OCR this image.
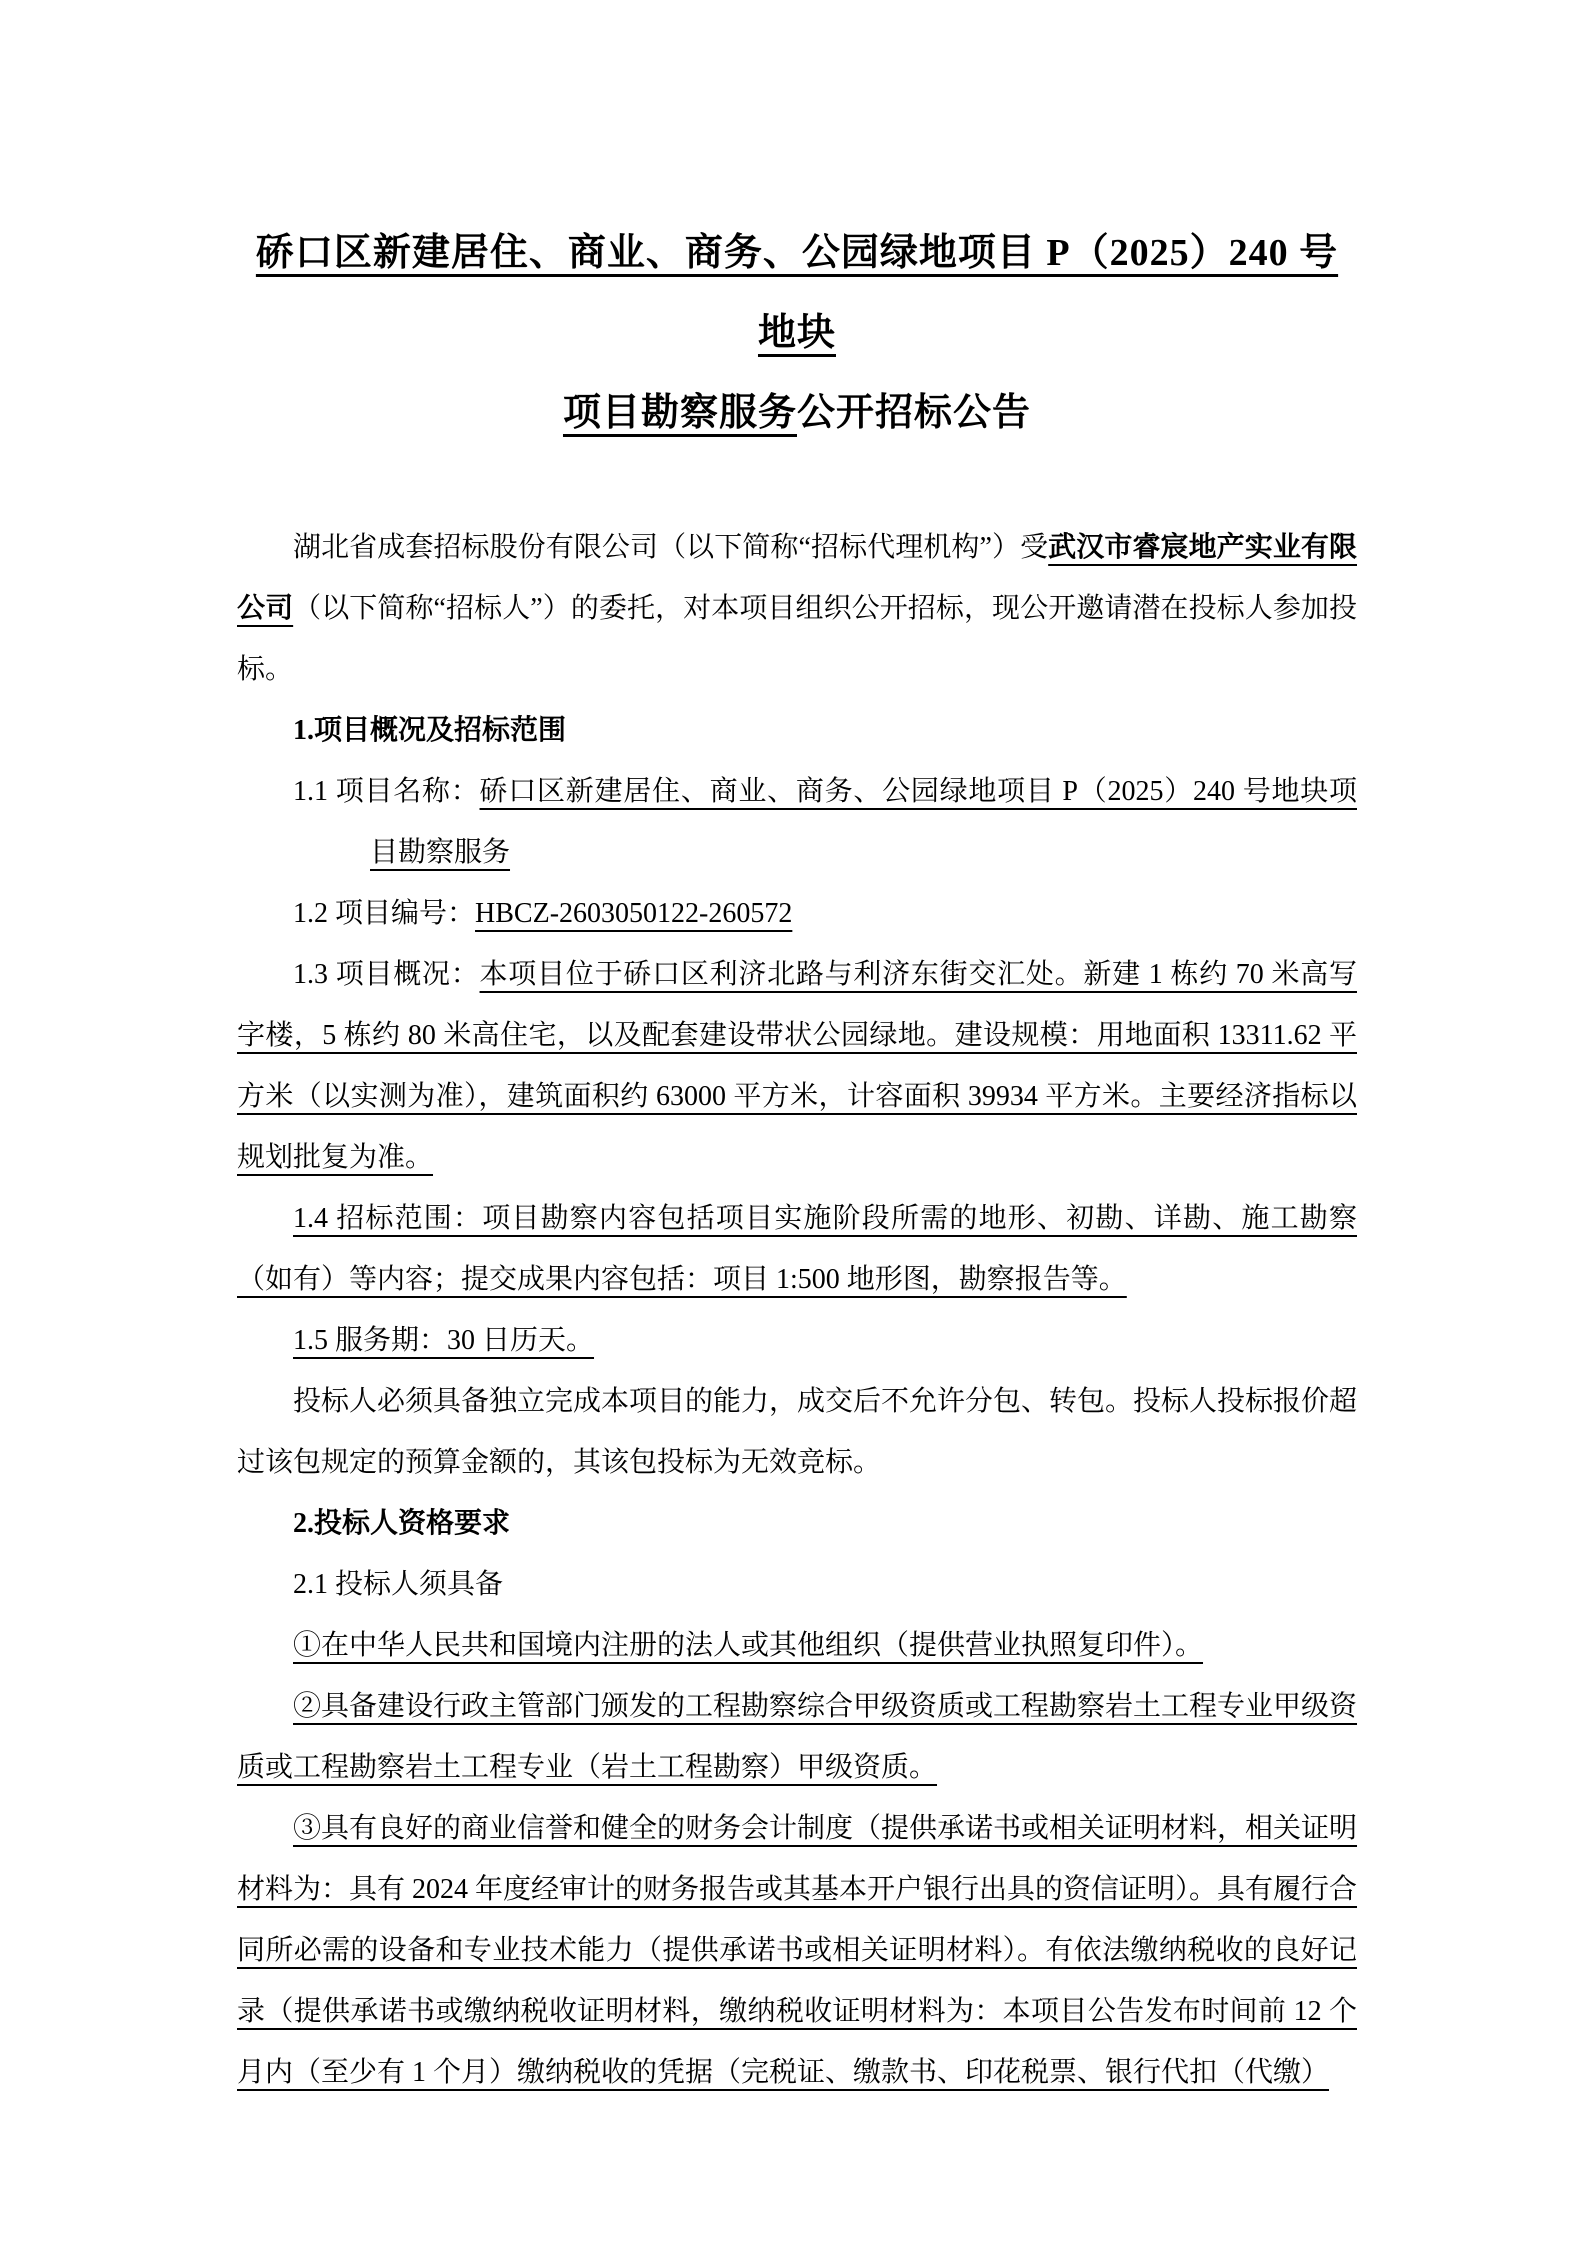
硚口区新建居住、商业、商务、公园绿地项目 P（2025）240 号地块
项目勘察服务公开招标公告

湖北省成套招标股份有限公司（以下简称“招标代理机构”）受武汉市睿宸地产实业有限公司（以下简称“招标人”）的委托，对本项目组织公开招标，现公开邀请潜在投标人参加投标。

1.项目概况及招标范围

1.1 项目名称：硚口区新建居住、商业、商务、公园绿地项目 P（2025）240 号地块项目勘察服务

1.2 项目编号：HBCZ-2603050122-260572

1.3 项目概况：本项目位于硚口区利济北路与利济东街交汇处。新建 1 栋约 70 米高写字楼，5 栋约 80 米高住宅，以及配套建设带状公园绿地。建设规模：用地面积 13311.62 平方米（以实测为准），建筑面积约 63000 平方米，计容面积 39934 平方米。主要经济指标以规划批复为准。

1.4 招标范围：项目勘察内容包括项目实施阶段所需的地形、初勘、详勘、施工勘察（如有）等内容；提交成果内容包括：项目 1:500 地形图，勘察报告等。

1.5 服务期：30 日历天。

投标人必须具备独立完成本项目的能力，成交后不允许分包、转包。投标人投标报价超过该包规定的预算金额的，其该包投标为无效竞标。

2.投标人资格要求

2.1 投标人须具备

①在中华人民共和国境内注册的法人或其他组织（提供营业执照复印件）。

②具备建设行政主管部门颁发的工程勘察综合甲级资质或工程勘察岩土工程专业甲级资质或工程勘察岩土工程专业（岩土工程勘察）甲级资质。

③具有良好的商业信誉和健全的财务会计制度（提供承诺书或相关证明材料，相关证明材料为：具有 2024 年度经审计的财务报告或其基本开户银行出具的资信证明）。具有履行合同所必需的设备和专业技术能力（提供承诺书或相关证明材料）。有依法缴纳税收的良好记录（提供承诺书或缴纳税收证明材料，缴纳税收证明材料为：本项目公告发布时间前 12 个月内（至少有 1 个月）缴纳税收的凭据（完税证、缴款书、印花税票、银行代扣（代缴）
